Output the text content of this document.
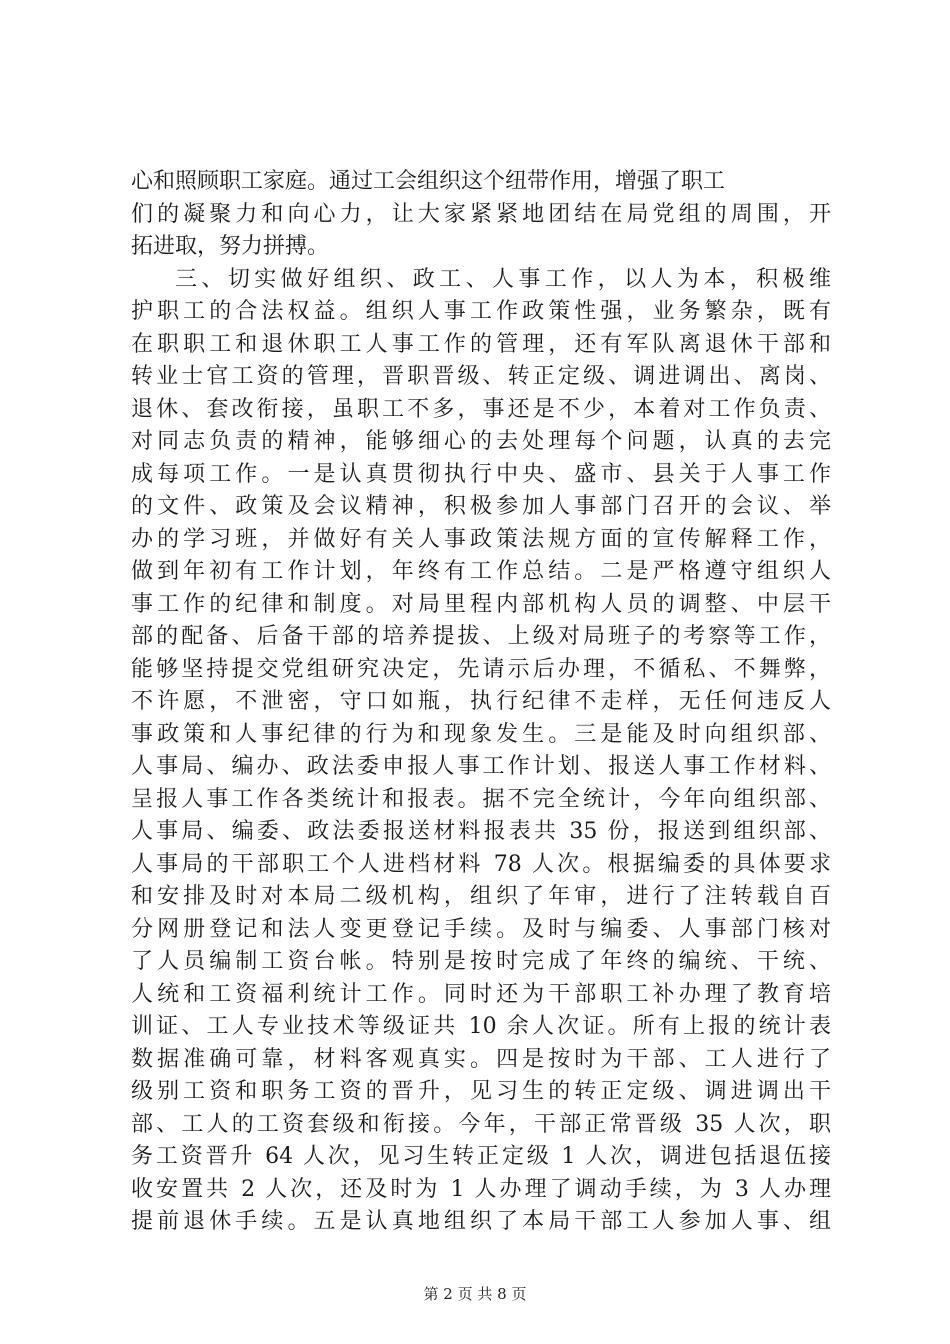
心和照顾职工家庭。通过工会组织这个纽带作用，增强了职工
们的凝聚力和向心力，让大家紧紧地团结在局党组的周围，开
拓进取，努力拼搏。
三、切实做好组织、政工、人事工作，以人为本，积极维
护职工的合法权益。组织人事工作政策性强，业务繁杂，既有
在职职工和退休职工人事工作的管理，还有军队离退休干部和
转业士官工资的管理，晋职晋级、转正定级、调进调出、离岗、
退休、套改衔接，虽职工不多，事还是不少，本着对工作负责、
对同志负责的精神，能够细心的去处理每个问题，认真的去完
成每项工作。一是认真贯彻执行中央、盛市、县关于人事工作
的文件、政策及会议精神，积极参加人事部门召开的会议、举
办的学习班，并做好有关人事政策法规方面的宣传解释工作，
做到年初有工作计划，年终有工作总结。二是严格遵守组织人
事工作的纪律和制度。对局里程内部机构人员的调整、中层干
部的配备、后备干部的培养提拔、上级对局班子的考察等工作，
能够坚持提交党组研究决定，先请示后办理，不循私、不舞弊，
不许愿，不泄密，守口如瓶，执行纪律不走样，无任何违反人
事政策和人事纪律的行为和现象发生。三是能及时向组织部、
人事局、编办、政法委申报人事工作计划、报送人事工作材料、
呈报人事工作各类统计和报表。据不完全统计，今年向组织部、
人事局、编委、政法委报送材料报表共 35 份，报送到组织部、
人事局的干部职工个人进档材料 78 人次。根据编委的具体要求
和安排及时对本局二级机构，组织了年审，进行了注转载自百
分网册登记和法人变更登记手续。及时与编委、人事部门核对
了人员编制工资台帐。特别是按时完成了年终的编统、干统、
人统和工资福利统计工作。同时还为干部职工补办理了教育培
训证、工人专业技术等级证共 10 余人次证。所有上报的统计表
数据准确可靠，材料客观真实。四是按时为干部、工人进行了
级别工资和职务工资的晋升，见习生的转正定级、调进调出干
部、工人的工资套级和衔接。今年，干部正常晋级 35 人次，职
务工资晋升 64 人次，见习生转正定级 1 人次，调进包括退伍接
收安置共 2 人次，还及时为 1 人办理了调动手续，为 3 人办理
提前退休手续。五是认真地组织了本局干部工人参加人事、组
第 2 页 共 8 页
